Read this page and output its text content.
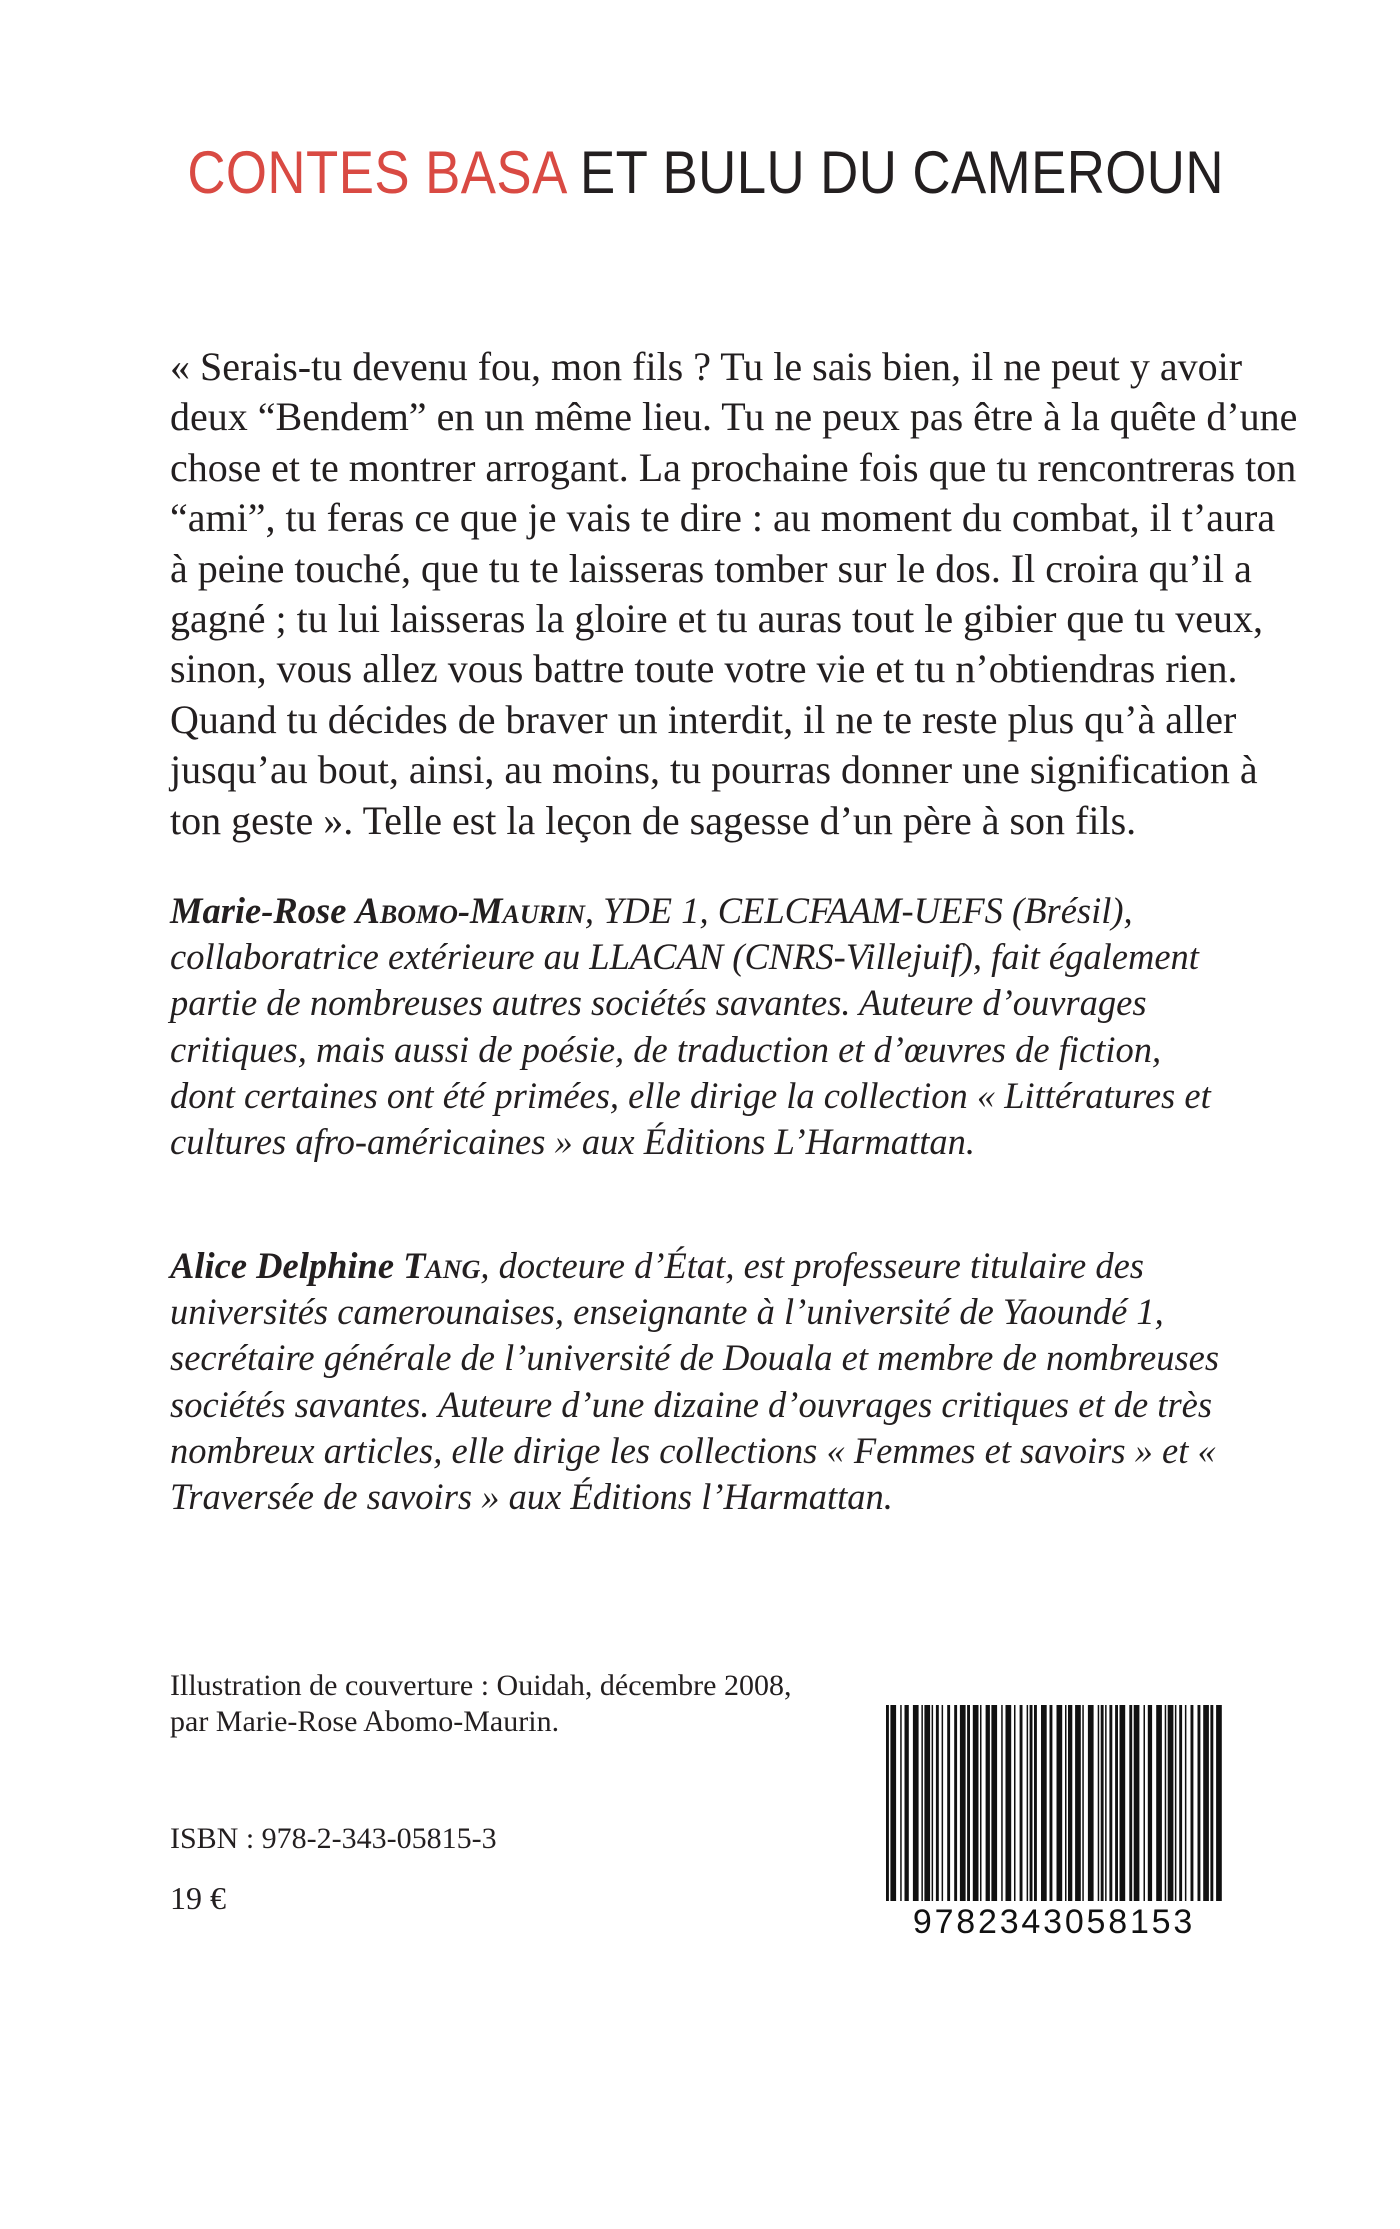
CONTES BASA ET BULU DU CAMEROUN
« Serais-tu devenu fou, mon fils ? Tu le sais bien, il ne peut y avoir
deux “Bendem” en un même lieu. Tu ne peux pas être à la quête d’une
chose et te montrer arrogant. La prochaine fois que tu rencontreras ton
“ami”, tu feras ce que je vais te dire : au moment du combat, il t’aura
à peine touché, que tu te laisseras tomber sur le dos. Il croira qu’il a
gagné ; tu lui laisseras la gloire et tu auras tout le gibier que tu veux,
sinon, vous allez vous battre toute votre vie et tu n’obtiendras rien.
Quand tu décides de braver un interdit, il ne te reste plus qu’à aller
jusqu’au bout, ainsi, au moins, tu pourras donner une signification à
ton geste ». Telle est la leçon de sagesse d’un père à son fils.

Marie-Rose Abomo-Maurin, YDE 1, CELCFAAM-UEFS (Brésil), collaboratrice extérieure au LLACAN (CNRS-Villejuif), fait également partie de nombreuses autres sociétés savantes. Auteure d’ouvrages critiques, mais aussi de poésie, de traduction et d’œuvres de fiction, dont certaines ont été primées, elle dirige la collection « Littératures et cultures afro-américaines » aux Éditions L’Harmattan.

Alice Delphine Tang, docteure d’État, est professeure titulaire des universités camerounaises, enseignante à l’université de Yaoundé 1, secrétaire générale de l’université de Douala et membre de nombreuses sociétés savantes. Auteure d’une dizaine d’ouvrages critiques et de très nombreux articles, elle dirige les collections « Femmes et savoirs » et « Traversée de savoirs » aux Éditions l’Harmattan.

Illustration de couverture : Ouidah, décembre 2008,
par Marie-Rose Abomo-Maurin.

ISBN : 978-2-343-05815-3

19 €

9782343058153
